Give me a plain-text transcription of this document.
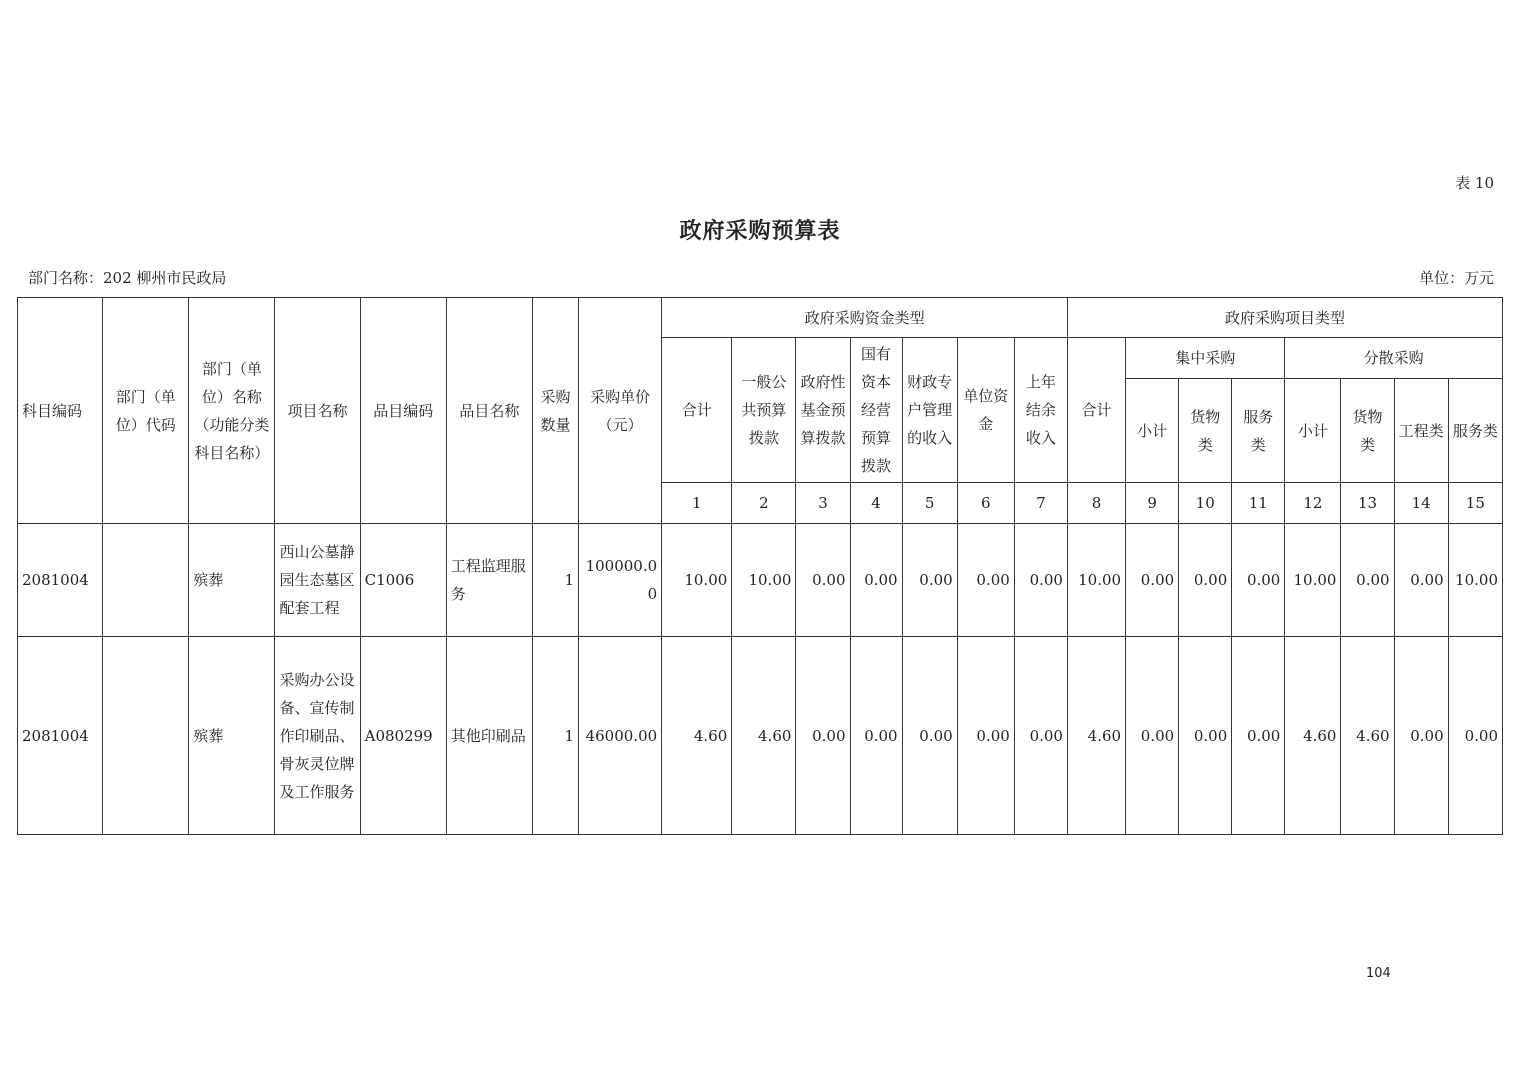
表 10
政府采购预算表
部门名称：202 柳州市民政局	单位：万元
科目编码	部门（单位）代码	部门（单位）名称（功能分类科目名称）	项目名称	品目编码	品目名称	采购数量	采购单价（元）	政府采购资金类型							政府采购项目类型							
								合计	一般公共预算拨款	政府性基金预算拨款	国有资本经营预算拨款	财政专户管理的收入	单位资金	上年结余收入	合计	集中采购			分散采购			
																小计	货物类	服务类	小计	货物类	工程类	服务类
								1	2	3	4	5	6	7	8	9	10	11	12	13	14	15
2081004		殡葬	西山公墓静园生态墓区配套工程	C1006	工程监理服务	1	100000.00	10.00	10.00	0.00	0.00	0.00	0.00	0.00	10.00	0.00	0.00	0.00	10.00	0.00	0.00	10.00
2081004		殡葬	采购办公设备、宣传制作印刷品、骨灰灵位牌及工作服务	A080299	其他印刷品	1	46000.00	4.60	4.60	0.00	0.00	0.00	0.00	0.00	4.60	0.00	0.00	0.00	4.60	4.60	0.00	0.00
104
